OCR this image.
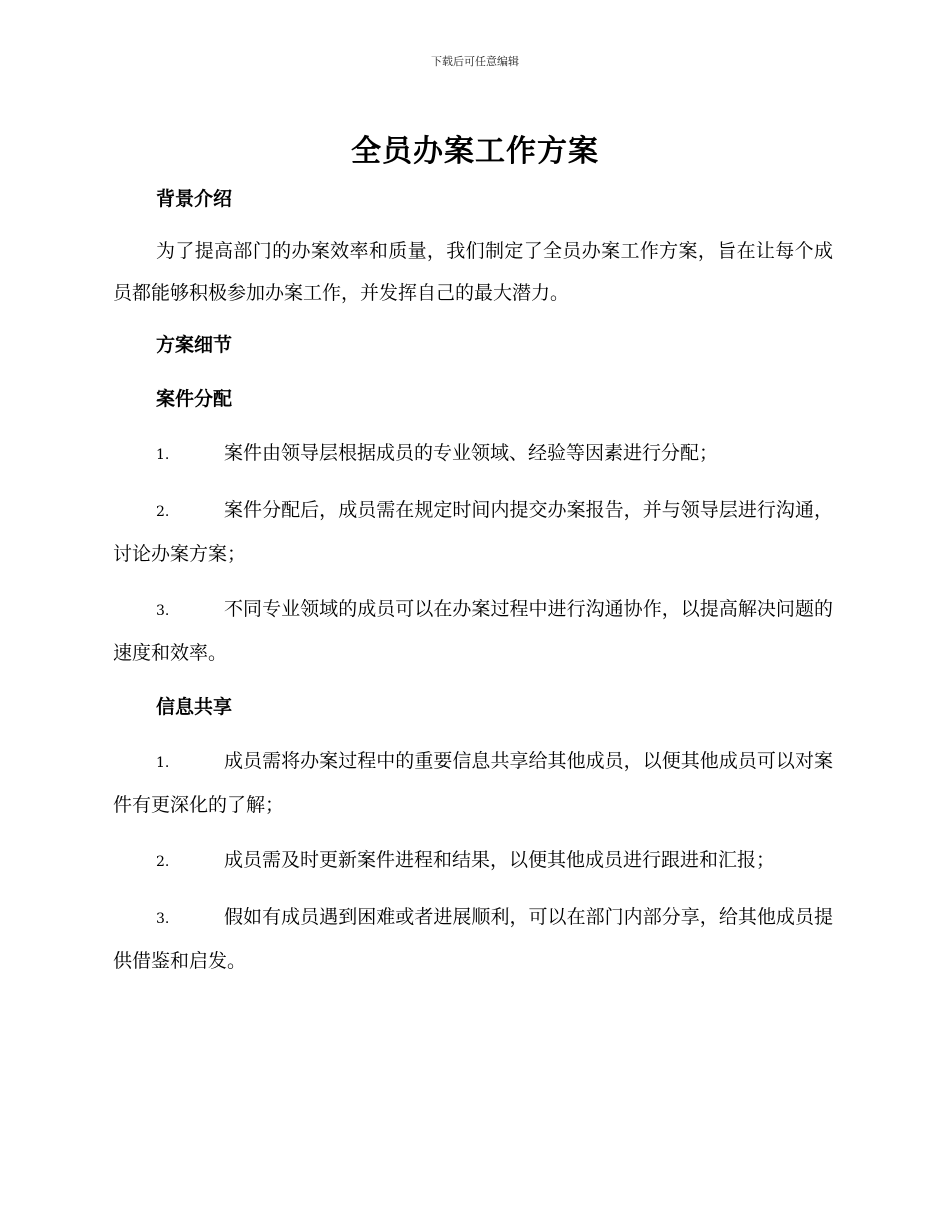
下载后可任意编辑
全员办案工作方案
背景介绍

为了提高部门的办案效率和质量，我们制定了全员办案工作方案，旨在让每个成员都能够积极参加办案工作，并发挥自己的最大潜力。

方案细节
案件分配

1.	案件由领导层根据成员的专业领域、经验等因素进行分配；

2.	案件分配后，成员需在规定时间内提交办案报告，并与领导层进行沟通，讨论办案方案；

3.	不同专业领域的成员可以在办案过程中进行沟通协作，以提高解决问题的速度和效率。

信息共享

1.	成员需将办案过程中的重要信息共享给其他成员，以便其他成员可以对案件有更深化的了解；

2.	成员需及时更新案件进程和结果，以便其他成员进行跟进和汇报；

3.	假如有成员遇到困难或者进展顺利，可以在部门内部分享，给其他成员提供借鉴和启发。
